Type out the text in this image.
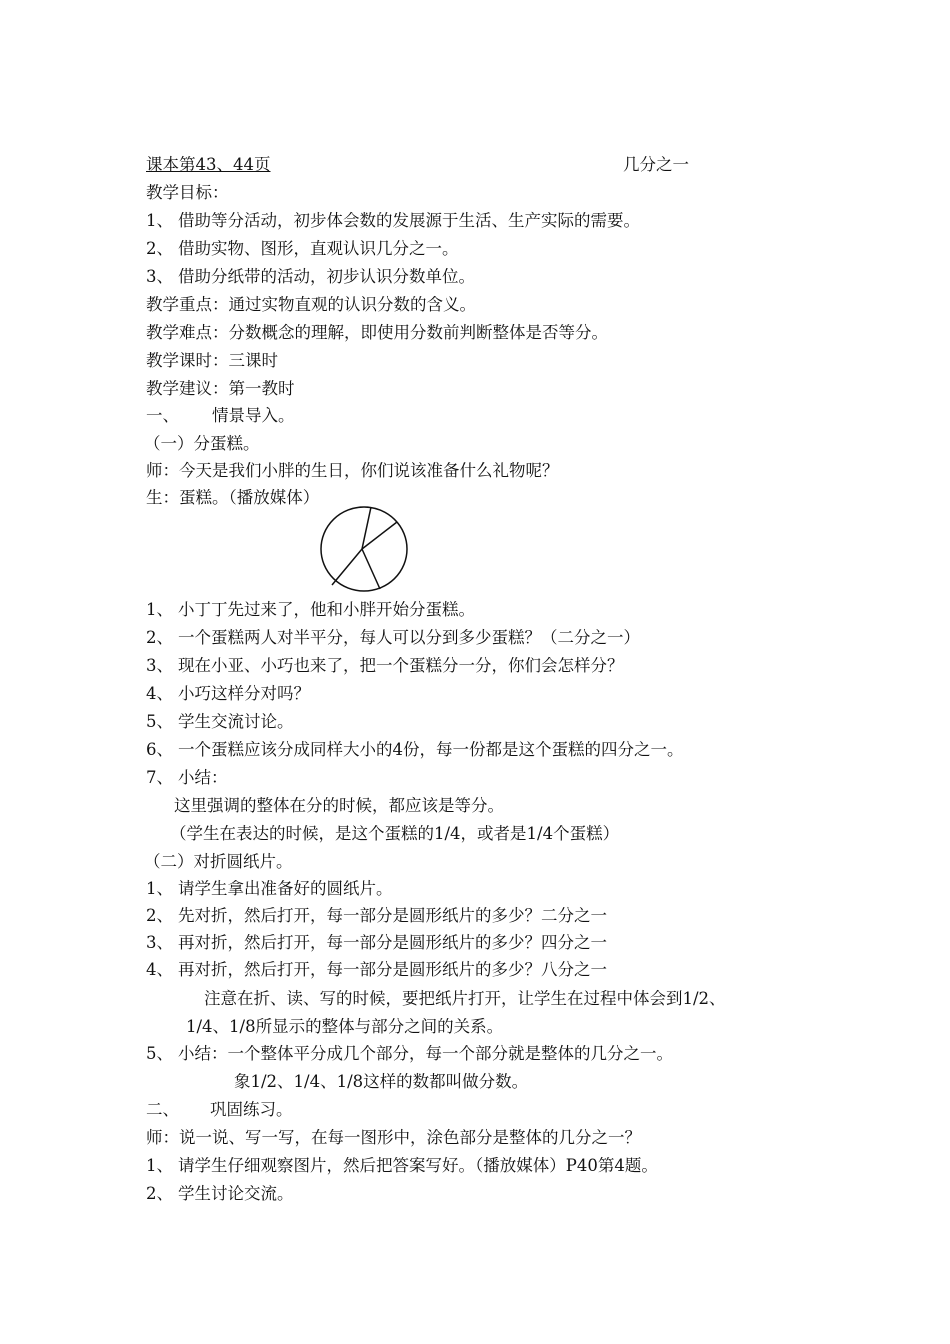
课本第43、44页	几分之一
教学目标：
1、 借助等分活动，初步体会数的发展源于生活、生产实际的需要。
2、 借助实物、图形，直观认识几分之一。
3、 借助分纸带的活动，初步认识分数单位。
教学重点：通过实物直观的认识分数的含义。
教学难点：分数概念的理解，即使用分数前判断整体是否等分。
教学课时：三课时
教学建议：第一教时
一、 情景导入。
（一）分蛋糕。
师：今天是我们小胖的生日，你们说该准备什么礼物呢？
生：蛋糕。（播放媒体）
1、 小丁丁先过来了，他和小胖开始分蛋糕。
2、 一个蛋糕两人对半平分，每人可以分到多少蛋糕？（二分之一）
3、 现在小亚、小巧也来了，把一个蛋糕分一分，你们会怎样分？
4、 小巧这样分对吗？
5、 学生交流讨论。
6、 一个蛋糕应该分成同样大小的4份，每一份都是这个蛋糕的四分之一。
7、 小结：
这里强调的整体在分的时候，都应该是等分。
（学生在表达的时候，是这个蛋糕的1/4，或者是1/4个蛋糕）
（二）对折圆纸片。
1、 请学生拿出准备好的圆纸片。
2、 先对折，然后打开，每一部分是圆形纸片的多少？二分之一
3、 再对折，然后打开，每一部分是圆形纸片的多少？四分之一
4、 再对折，然后打开，每一部分是圆形纸片的多少？八分之一
注意在折、读、写的时候，要把纸片打开，让学生在过程中体会到1/2、
1/4、1/8所显示的整体与部分之间的关系。
5、 小结：一个整体平分成几个部分，每一个部分就是整体的几分之一。
象1/2、1/4、1/8这样的数都叫做分数。
二、 巩固练习。
师：说一说、写一写，在每一图形中，涂色部分是整体的几分之一？
1、 请学生仔细观察图片，然后把答案写好。（播放媒体）P40第4题。
2、 学生讨论交流。
